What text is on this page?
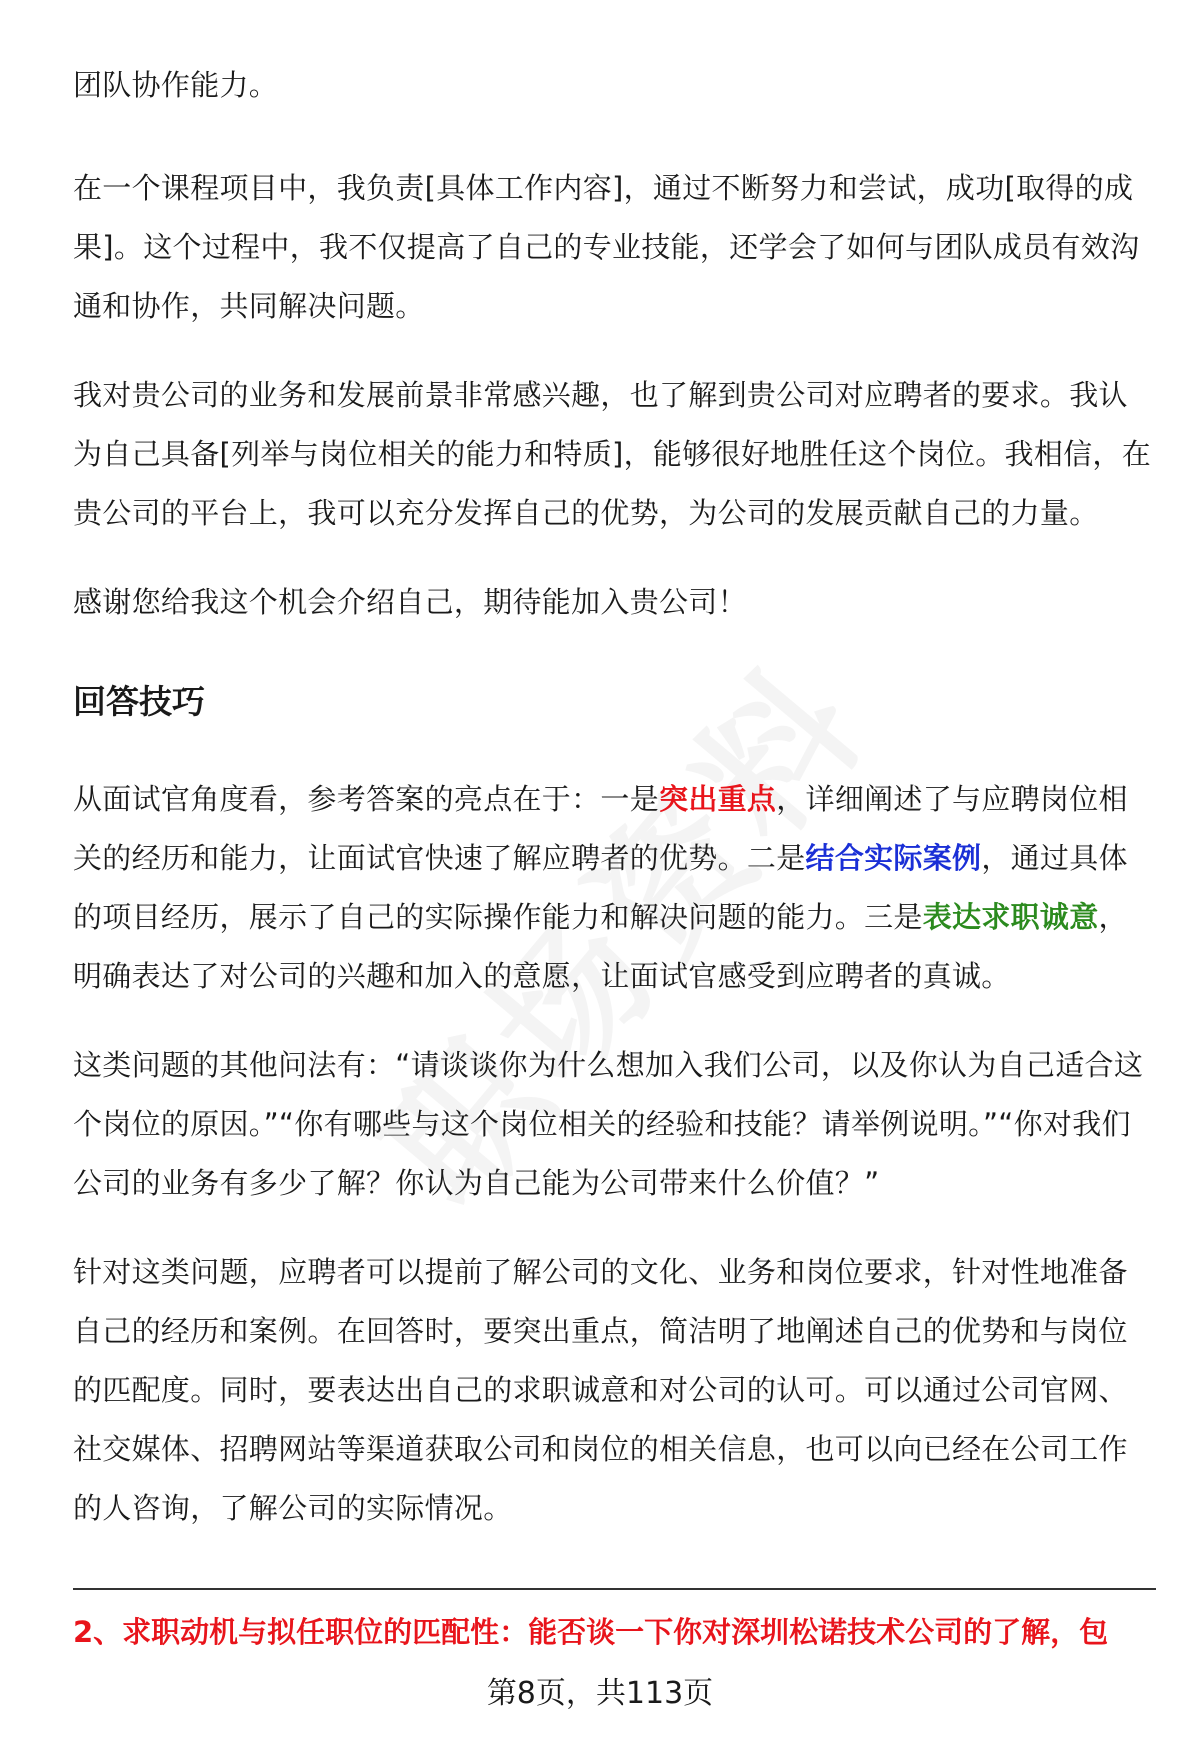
团队协作能力。

在一个课程项目中，我负责[具体工作内容]，通过不断努力和尝试，成功[取得的成果]。这个过程中，我不仅提高了自己的专业技能，还学会了如何与团队成员有效沟通和协作，共同解决问题。

我对贵公司的业务和发展前景非常感兴趣，也了解到贵公司对应聘者的要求。我认为自己具备[列举与岗位相关的能力和特质]，能够很好地胜任这个岗位。我相信，在贵公司的平台上，我可以充分发挥自己的优势，为公司的发展贡献自己的力量。

感谢您给我这个机会介绍自己，期待能加入贵公司！

回答技巧

从面试官角度看，参考答案的亮点在于：一是突出重点，详细阐述了与应聘岗位相关的经历和能力，让面试官快速了解应聘者的优势。二是结合实际案例，通过具体的项目经历，展示了自己的实际操作能力和解决问题的能力。三是表达求职诚意，明确表达了对公司的兴趣和加入的意愿，让面试官感受到应聘者的真诚。

这类问题的其他问法有：“请谈谈你为什么想加入我们公司，以及你认为自己适合这个岗位的原因。”“你有哪些与这个岗位相关的经验和技能？请举例说明。”“你对我们公司的业务有多少了解？你认为自己能为公司带来什么价值？”

针对这类问题，应聘者可以提前了解公司的文化、业务和岗位要求，针对性地准备自己的经历和案例。在回答时，要突出重点，简洁明了地阐述自己的优势和与岗位的匹配度。同时，要表达出自己的求职诚意和对公司的认可。可以通过公司官网、社交媒体、招聘网站等渠道获取公司和岗位的相关信息，也可以向已经在公司工作的人咨询，了解公司的实际情况。

2、求职动机与拟任职位的匹配性：能否谈一下你对深圳松诺技术公司的了解，包
第8页，共113页
